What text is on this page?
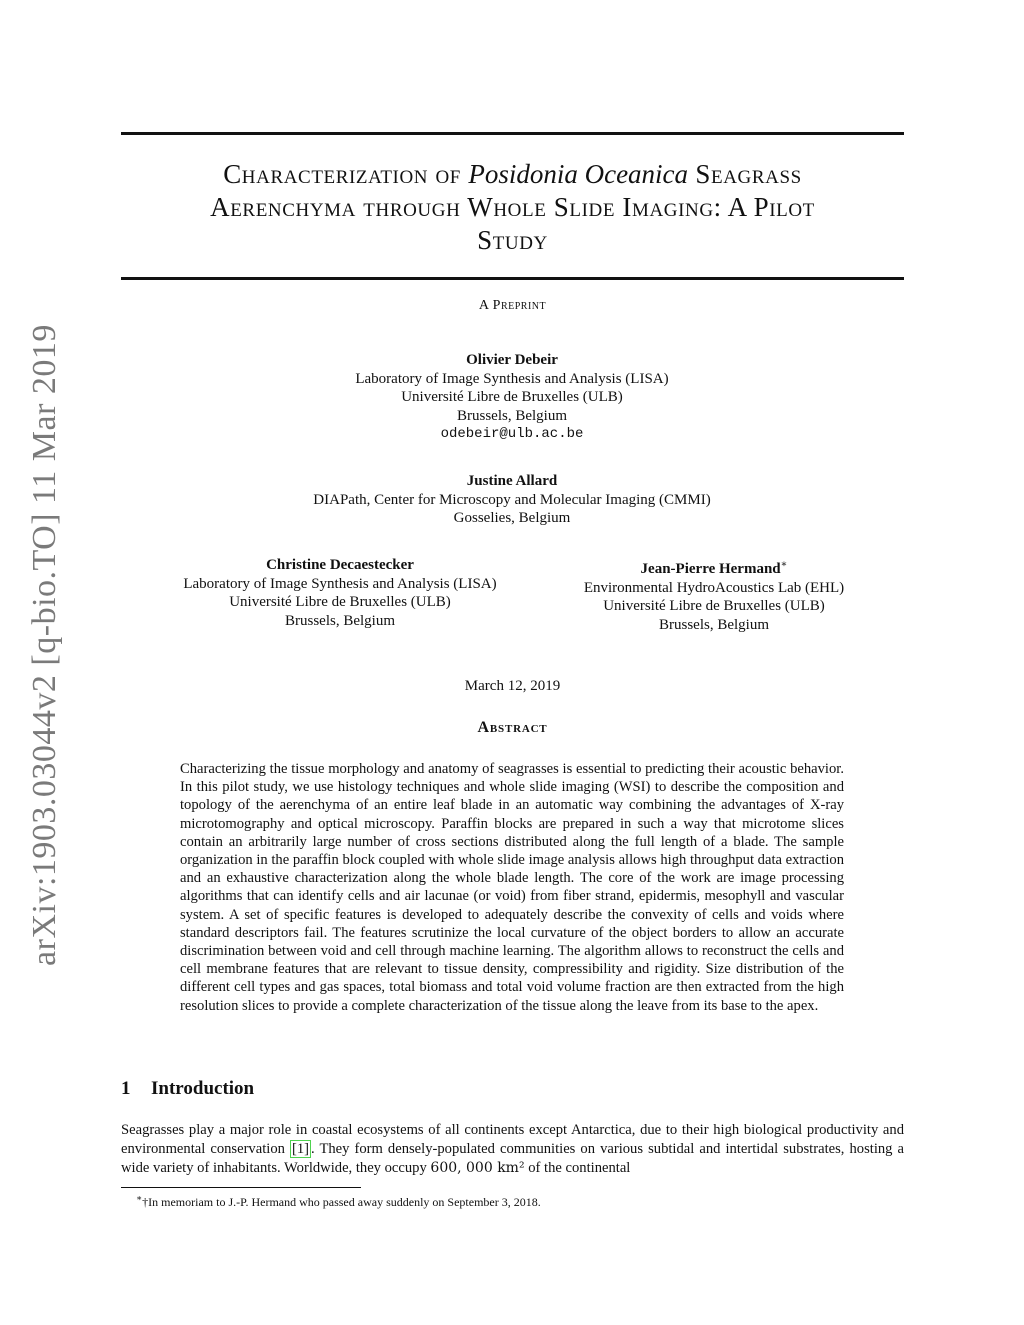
arXiv:1903.03044v2 [q-bio.TO] 11 Mar 2019
Characterization of Posidonia Oceanica Seagrass
Aerenchyma through Whole Slide Imaging: A Pilot
Study
A Preprint
Olivier Debeir
Laboratory of Image Synthesis and Analysis (LISA)
Université Libre de Bruxelles (ULB)
Brussels, Belgium
odebeir@ulb.ac.be
Justine Allard
DIAPath, Center for Microscopy and Molecular Imaging (CMMI)
Gosselies, Belgium
Christine Decaestecker
Laboratory of Image Synthesis and Analysis (LISA)
Université Libre de Bruxelles (ULB)
Brussels, Belgium
Jean-Pierre Hermand∗
Environmental HydroAcoustics Lab (EHL)
Université Libre de Bruxelles (ULB)
Brussels, Belgium
March 12, 2019
Abstract
Characterizing the tissue morphology and anatomy of seagrasses is essential to predicting their acoustic behavior. In this pilot study, we use histology techniques and whole slide imaging (WSI) to describe the composition and topology of the aerenchyma of an entire leaf blade in an automatic way combining the advantages of X-ray microtomography and optical microscopy. Paraffin blocks are prepared in such a way that microtome slices contain an arbitrarily large number of cross sections distributed along the full length of a blade. The sample organization in the paraffin block coupled with whole slide image analysis allows high throughput data extraction and an exhaustive characterization along the whole blade length. The core of the work are image processing algorithms that can identify cells and air lacunae (or void) from fiber strand, epidermis, mesophyll and vascular system. A set of specific features is developed to adequately describe the convexity of cells and voids where standard descriptors fail. The features scrutinize the local curvature of the object borders to allow an accurate discrimination between void and cell through machine learning. The algorithm allows to reconstruct the cells and cell membrane features that are relevant to tissue density, compressibility and rigidity. Size distribution of the different cell types and gas spaces, total biomass and total void volume fraction are then extracted from the high resolution slices to provide a complete characterization of the tissue along the leave from its base to the apex.
1 Introduction
Seagrasses play a major role in coastal ecosystems of all continents except Antarctica, due to their high biological productivity and environmental conservation [1] . They form densely-populated communities on various subtidal and intertidal substrates, hosting a wide variety of inhabitants. Worldwide, they occupy 600, 000 km² of the continental
∗†In memoriam to J.-P. Hermand who passed away suddenly on September 3, 2018.
